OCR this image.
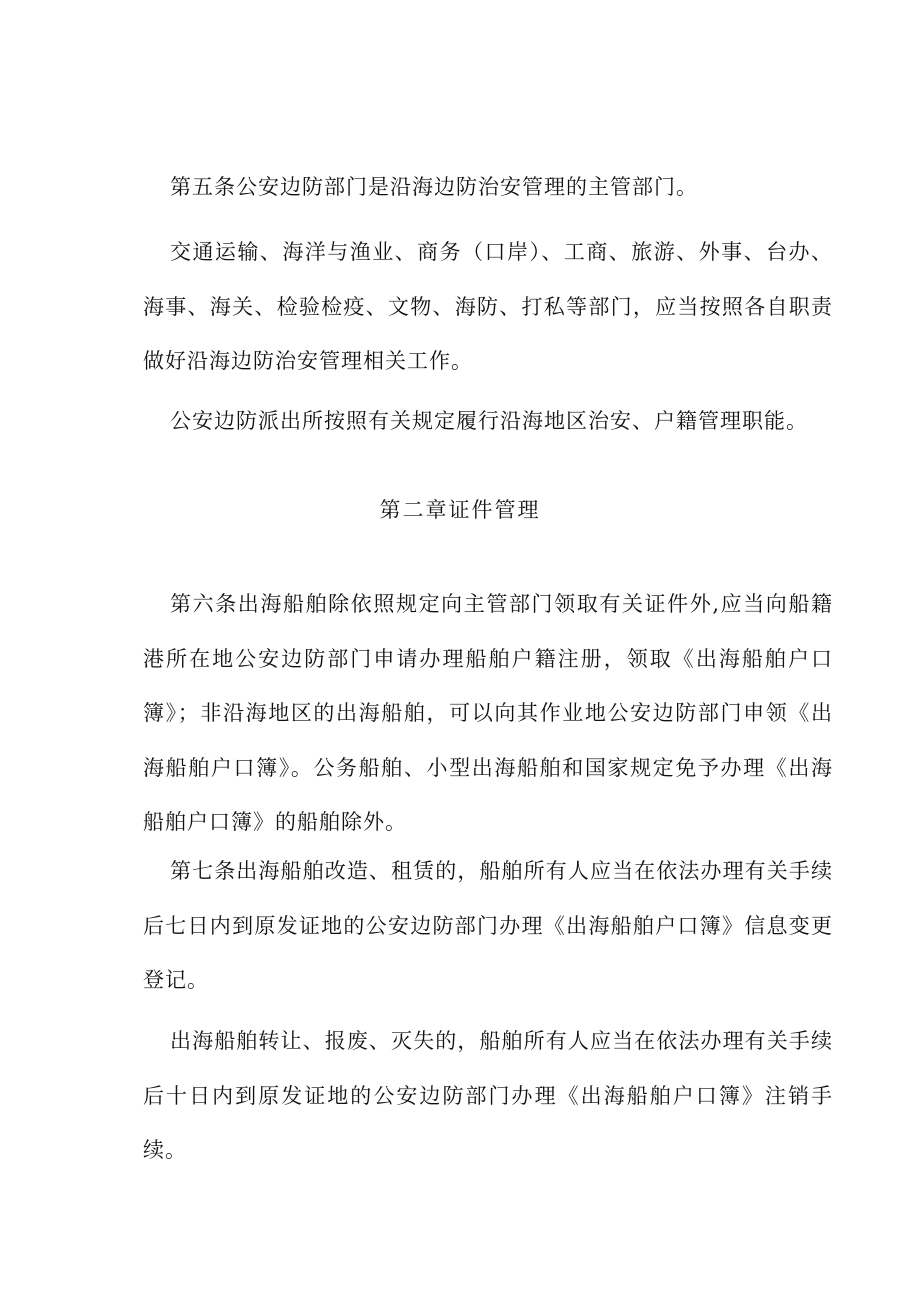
第五条公安边防部门是沿海边防治安管理的主管部门。

交通运输、海洋与渔业、商务（口岸）、工商、旅游、外事、台办、海事、海关、检验检疫、文物、海防、打私等部门，应当按照各自职责做好沿海边防治安管理相关工作。

公安边防派出所按照有关规定履行沿海地区治安、户籍管理职能。

第二章证件管理

第六条出海船舶除依照规定向主管部门领取有关证件外,应当向船籍港所在地公安边防部门申请办理船舶户籍注册，领取《出海船舶户口簿》；非沿海地区的出海船舶，可以向其作业地公安边防部门申领《出海船舶户口簿》。公务船舶、小型出海船舶和国家规定免予办理《出海船舶户口簿》的船舶除外。

第七条出海船舶改造、租赁的，船舶所有人应当在依法办理有关手续后七日内到原发证地的公安边防部门办理《出海船舶户口簿》信息变更登记。

出海船舶转让、报废、灭失的，船舶所有人应当在依法办理有关手续后十日内到原发证地的公安边防部门办理《出海船舶户口簿》注销手续。
